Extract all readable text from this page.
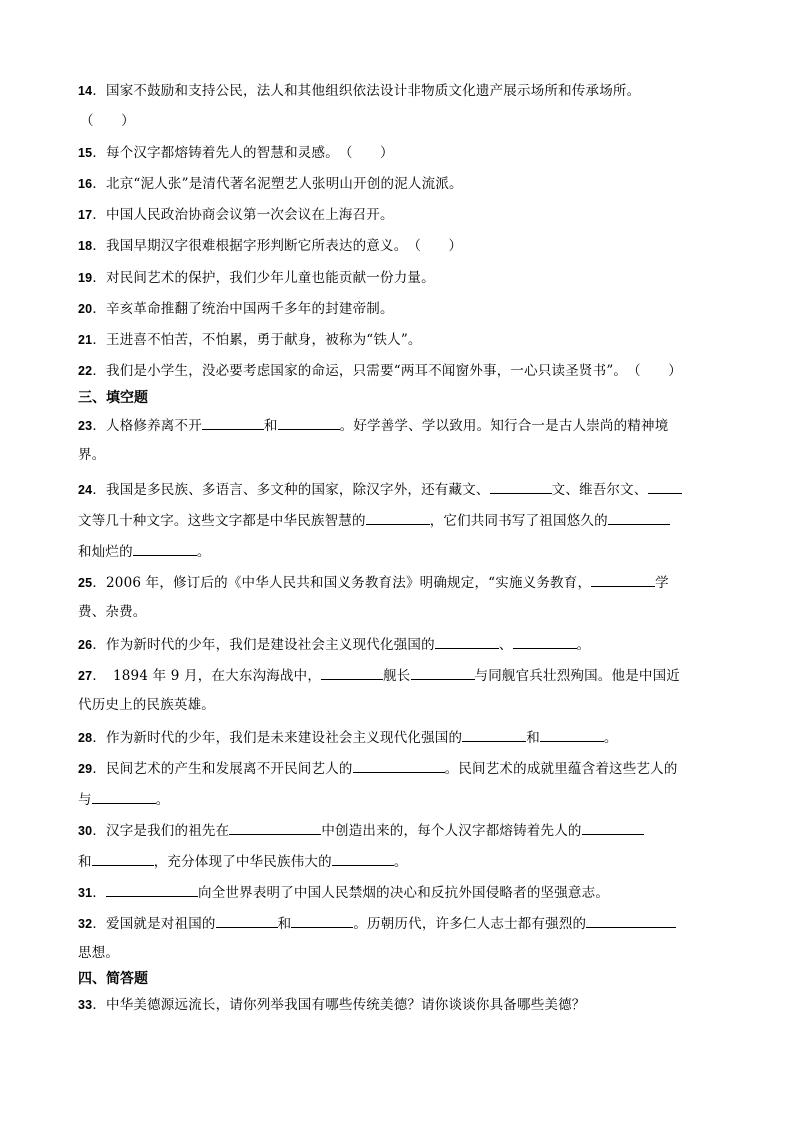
14．国家不鼓励和支持公民，法人和其他组织依法设计非物质文化遗产展示场所和传承场所。
（　　）
15．每个汉字都熔铸着先人的智慧和灵感。（　　）
16．北京“泥人张”是清代著名泥塑艺人张明山开创的泥人流派。
17．中国人民政治协商会议第一次会议在上海召开。
18．我国早期汉字很难根据字形判断它所表达的意义。（　　）
19．对民间艺术的保护，我们少年儿童也能贡献一份力量。
20．辛亥革命推翻了统治中国两千多年的封建帝制。
21．王进喜不怕苦，不怕累，勇于献身，被称为“铁人”。
22．我们是小学生，没必要考虑国家的命运，只需要“两耳不闻窗外事，一心只读圣贤书”。（　　）
三、填空题
23．人格修养离不开	和	。好学善学、学以致用。知行合一是古人崇尚的精神境
界。
24．我国是多民族、多语言、多文种的国家，除汉字外，还有藏文、	文、维吾尔文、
文等几十种文字。这些文字都是中华民族智慧的	，它们共同书写了祖国悠久的
和灿烂的	。
25．2006 年，修订后的《中华人民共和国义务教育法》明确规定，“实施义务教育，	学
费、杂费。
26．作为新时代的少年，我们是建设社会主义现代化强国的	、	。
27．　1894 年 9 月，在大东沟海战中，	舰长	与同舰官兵壮烈殉国。他是中国近
代历史上的民族英雄。
28．作为新时代的少年，我们是未来建设社会主义现代化强国的	和	。
29．民间艺术的产生和发展离不开民间艺人的	。民间艺术的成就里蕴含着这些艺人的
与	。
30．汉字是我们的祖先在	中创造出来的，每个人汉字都熔铸着先人的
和	，充分体现了中华民族伟大的	。
31．	向全世界表明了中国人民禁烟的决心和反抗外国侵略者的坚强意志。
32．爱国就是对祖国的	和	。历朝历代，许多仁人志士都有强烈的
思想。
四、简答题
33．中华美德源远流长，请你列举我国有哪些传统美德？请你谈谈你具备哪些美德？
